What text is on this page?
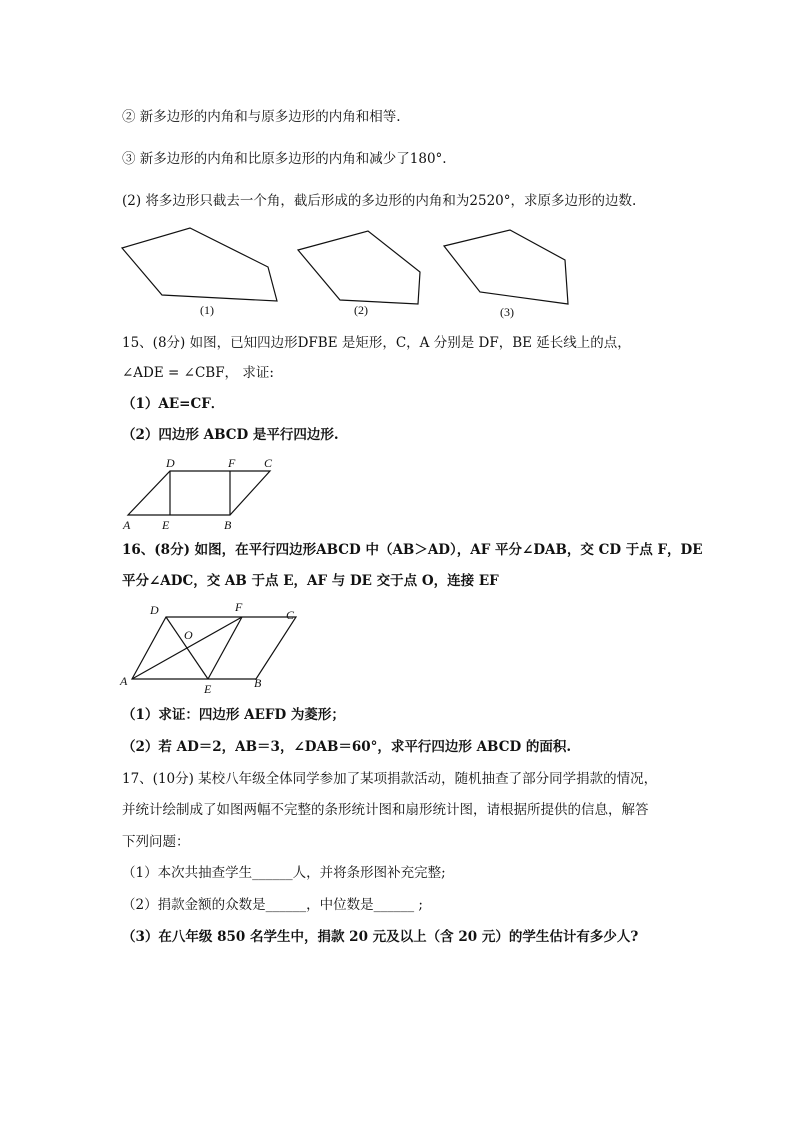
② 新多边形的内角和与原多边形的内角和相等.
③ 新多边形的内角和比原多边形的内角和减少了180°.
(2) 将多边形只截去一个角，截后形成的多边形的内角和为2520°，求原多边形的边数.
(1)	(2)	(3)
15、(8分) 如图，已知四边形DFBE 是矩形，C，A 分别是 DF，BE 延长线上的点，
∠ADE = ∠CBF， 求证:
（1）AE=CF．
（2）四边形 ABCD 是平行四边形.
A	E	B
D	F C
16、(8分) 如图，在平行四边形ABCD 中（AB＞AD），AF 平分∠DAB，交 CD 于点 F，DE
平分∠ADC，交 AB 于点 E，AF 与 DE 交于点 O，连接 EF
D	F
C
O
A
E	B
（1）求证：四边形 AEFD 为菱形；
（2）若 AD＝2，AB＝3，∠DAB＝60°，求平行四边形 ABCD 的面积.
17、(10分) 某校八年级全体同学参加了某项捐款活动，随机抽查了部分同学捐款的情况，
并统计绘制成了如图两幅不完整的条形统计图和扇形统计图，请根据所提供的信息，解答
下列问题：
（1）本次共抽查学生______人，并将条形图补充完整;
（2）捐款金额的众数是______，中位数是______ ;
（3）在八年级 850 名学生中，捐款 20 元及以上（含 20 元）的学生估计有多少人?
